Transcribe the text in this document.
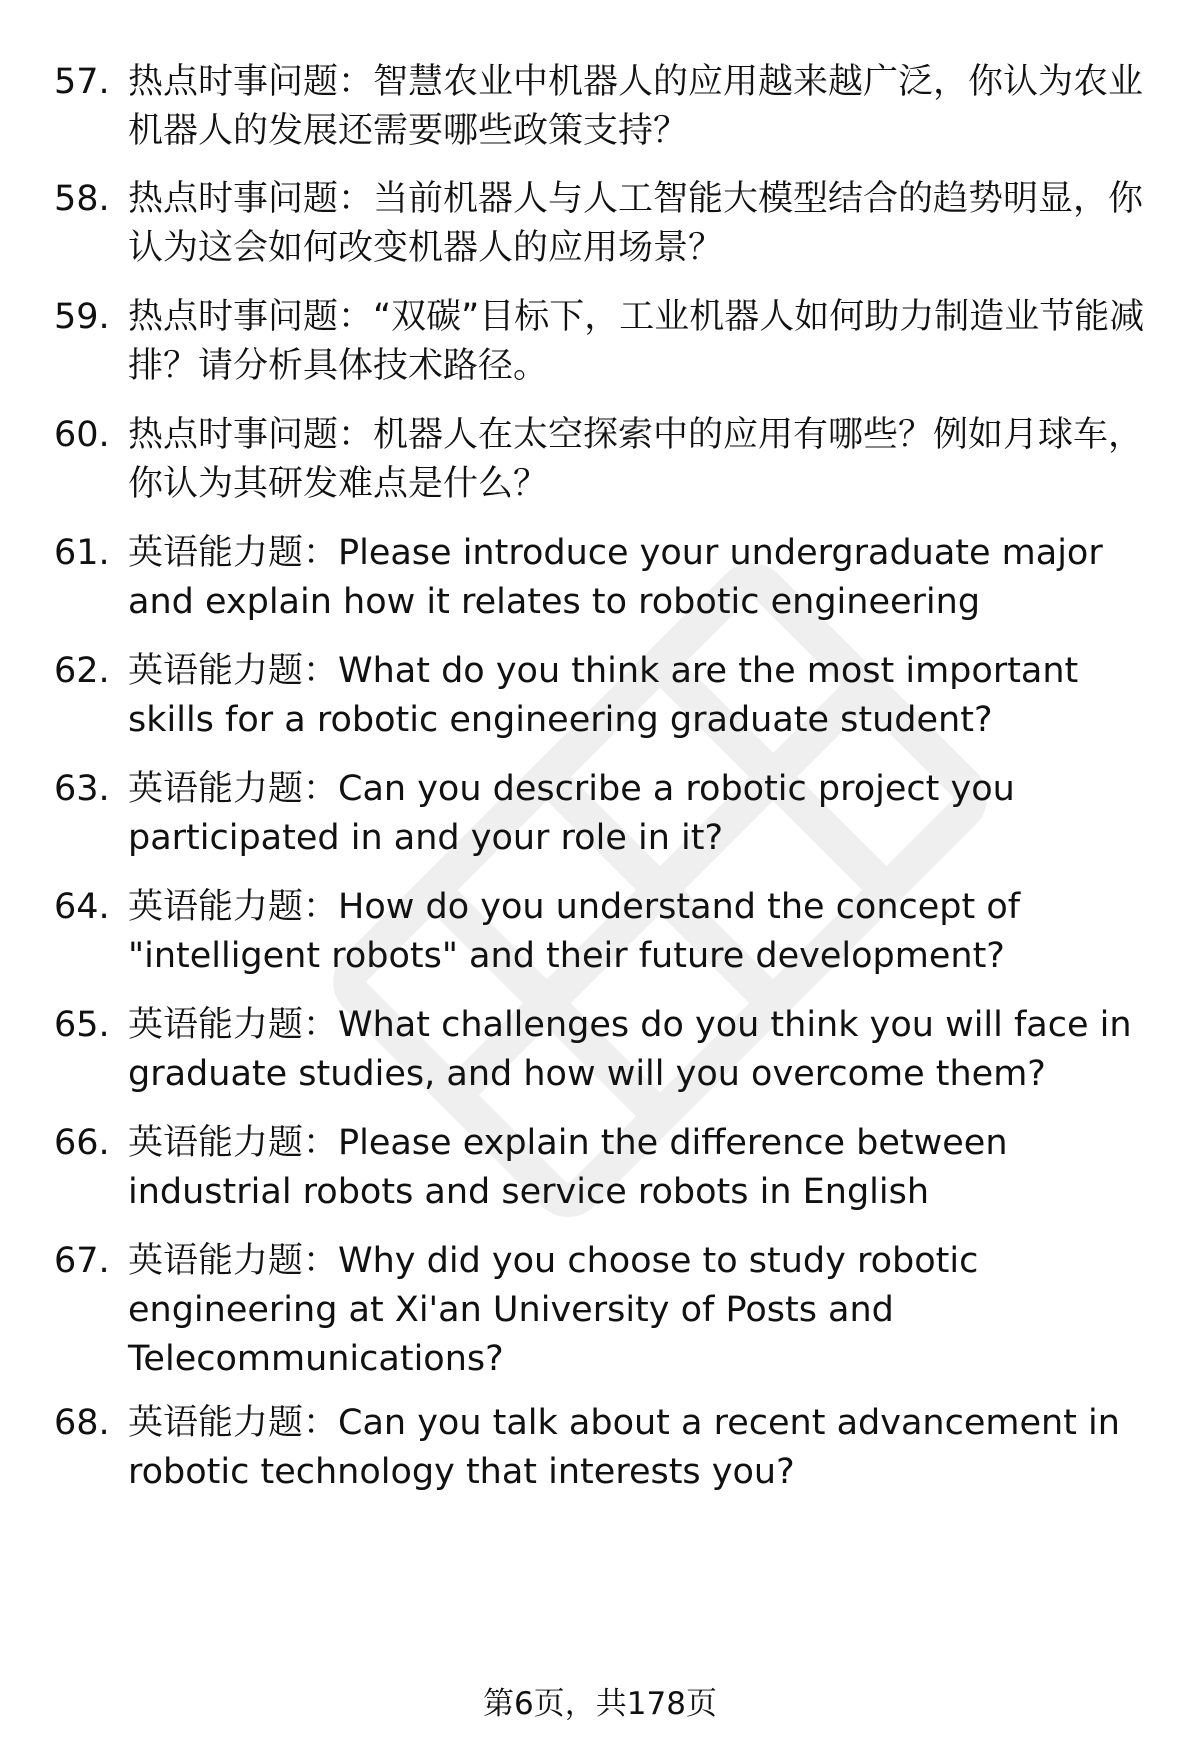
57. 热点时事问题：智慧农业中机器人的应用越来越广泛，你认为农业机器人的发展还需要哪些政策支持？
58. 热点时事问题：当前机器人与人工智能大模型结合的趋势明显，你认为这会如何改变机器人的应用场景？
59. 热点时事问题：“双碳”目标下，工业机器人如何助力制造业节能减排？请分析具体技术路径。
60. 热点时事问题：机器人在太空探索中的应用有哪些？例如月球车，你认为其研发难点是什么？
61. 英语能力题：Please introduce your undergraduate major and explain how it relates to robotic engineering
62. 英语能力题：What do you think are the most important skills for a robotic engineering graduate student?
63. 英语能力题：Can you describe a robotic project you participated in and your role in it?
64. 英语能力题：How do you understand the concept of "intelligent robots" and their future development?
65. 英语能力题：What challenges do you think you will face in graduate studies, and how will you overcome them?
66. 英语能力题：Please explain the difference between industrial robots and service robots in English
67. 英语能力题：Why did you choose to study robotic engineering at Xi'an University of Posts and Telecommunications?
68. 英语能力题：Can you talk about a recent advancement in robotic technology that interests you?
第6页，共178页
